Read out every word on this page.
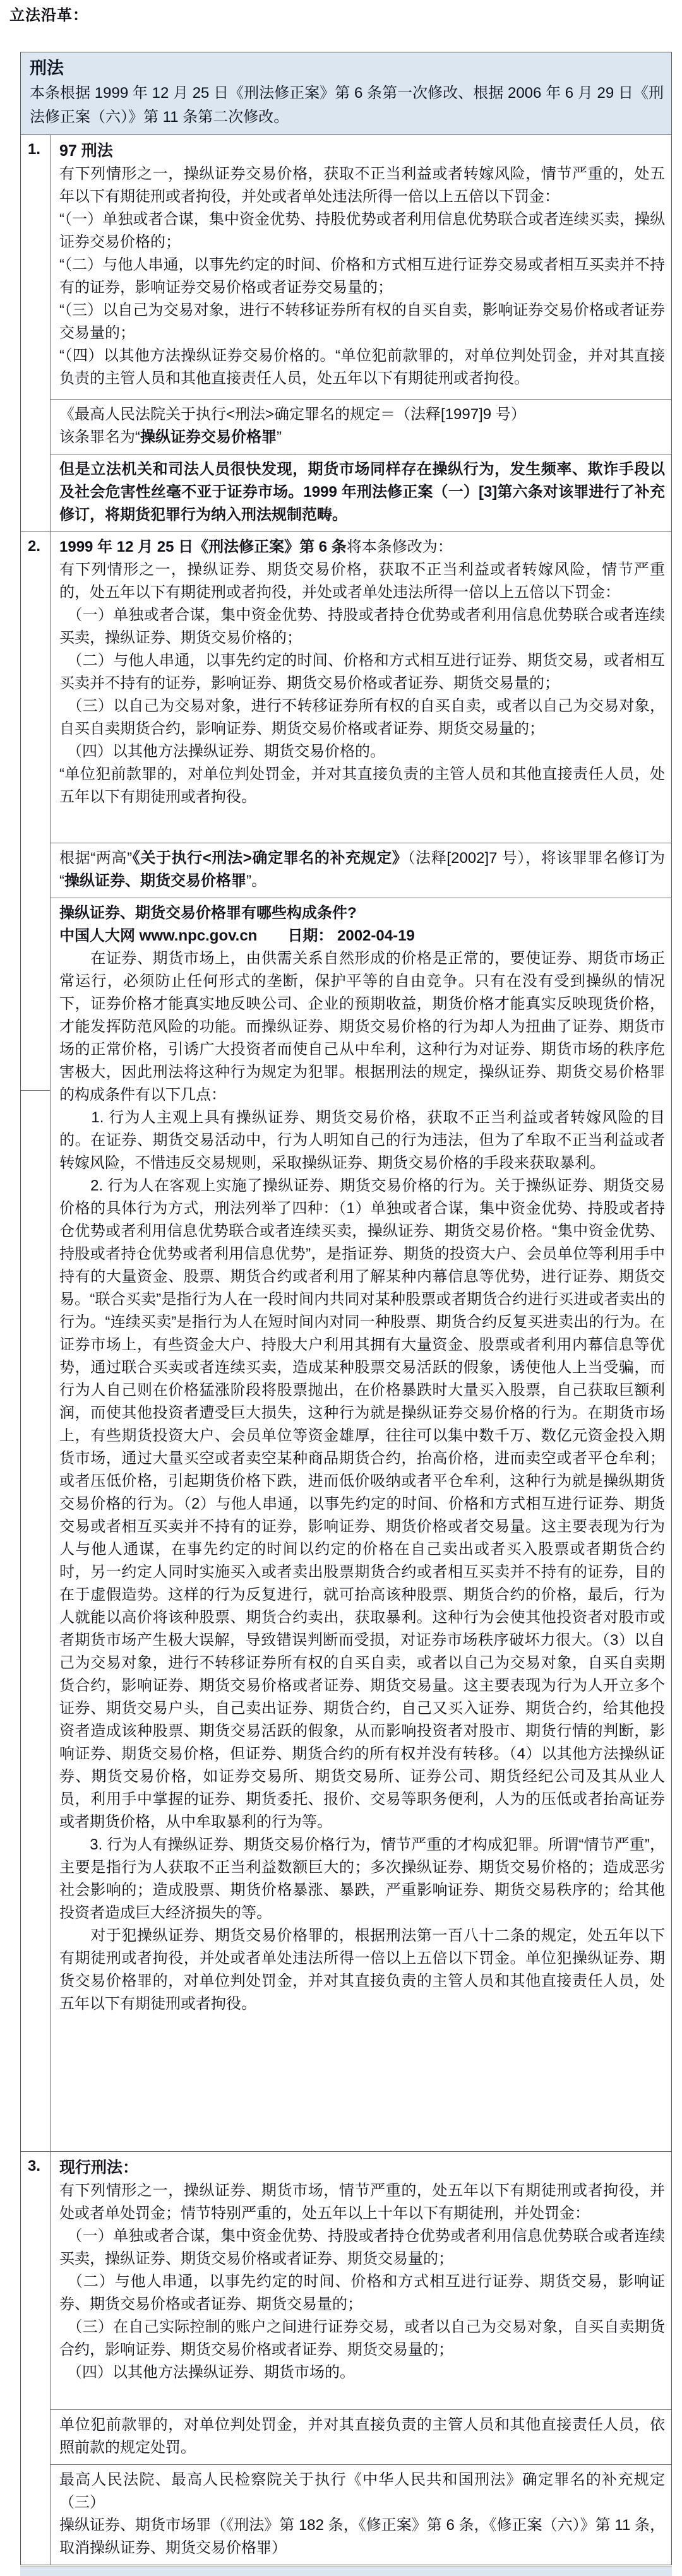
立法沿革：
刑法
本条根据 1999 年 12 月 25 日《刑法修正案》第 6 条第一次修改、根据 2006 年 6 月 29 日《刑法修正案（六）》第 11 条第二次修改。
1.	97 刑法
有下列情形之一，操纵证券交易价格，获取不正当利益或者转嫁风险，情节严重的，处五年以下有期徒刑或者拘役，并处或者单处违法所得一倍以上五倍以下罚金：
“（一）单独或者合谋，集中资金优势、持股优势或者利用信息优势联合或者连续买卖，操纵证券交易价格的；
“（二）与他人串通，以事先约定的时间、价格和方式相互进行证券交易或者相互买卖并不持有的证券，影响证券交易价格或者证券交易量的；
“（三）以自己为交易对象，进行不转移证券所有权的自买自卖，影响证券交易价格或者证券交易量的；
“（四）以其他方法操纵证券交易价格的。“单位犯前款罪的，对单位判处罚金，并对其直接负责的主管人员和其他直接责任人员，处五年以下有期徒刑或者拘役。
《最高人民法院关于执行<刑法>确定罪名的规定＝（法释[1997]9 号）
该条罪名为“操纵证券交易价格罪”
但是立法机关和司法人员很快发现，期货市场同样存在操纵行为，发生频率、欺诈手段以及社会危害性丝毫不亚于证券市场。1999 年刑法修正案（一）[3]第六条对该罪进行了补充修订，将期货犯罪行为纳入刑法规制范畴。
2.	1999 年 12 月 25 日《刑法修正案》第 6 条将本条修改为：
有下列情形之一，操纵证券、期货交易价格，获取不正当利益或者转嫁风险，情节严重的，处五年以下有期徒刑或者拘役，并处或者单处违法所得一倍以上五倍以下罚金：
　（一）单独或者合谋，集中资金优势、持股或者持仓优势或者利用信息优势联合或者连续买卖，操纵证券、期货交易价格的；
　（二）与他人串通，以事先约定的时间、价格和方式相互进行证券、期货交易，或者相互买卖并不持有的证券，影响证券、期货交易价格或者证券、期货交易量的；
　（三）以自己为交易对象，进行不转移证券所有权的自买自卖，或者以自己为交易对象，自买自卖期货合约，影响证券、期货交易价格或者证券、期货交易量的；
　（四）以其他方法操纵证券、期货交易价格的。
“单位犯前款罪的，对单位判处罚金，并对其直接负责的主管人员和其他直接责任人员，处五年以下有期徒刑或者拘役。
根据“两高”《关于执行<刑法>确定罪名的补充规定》（法释[2002]7 号），将该罪罪名修订为“操纵证券、期货交易价格罪”。
操纵证券、期货交易价格罪有哪些构成条件?
中国人大网 www.npc.gov.cn　　日期： 2002-04-19
　　在证券、期货市场上，由供需关系自然形成的价格是正常的，要使证券、期货市场正常运行，必须防止任何形式的垄断，保护平等的自由竞争。只有在没有受到操纵的情况下，证券价格才能真实地反映公司、企业的预期收益，期货价格才能真实反映现货价格，才能发挥防范风险的功能。而操纵证券、期货交易价格的行为却人为扭曲了证券、期货市场的正常价格，引诱广大投资者而使自己从中牟利，这种行为对证券、期货市场的秩序危害极大，因此刑法将这种行为规定为犯罪。根据刑法的规定，操纵证券、期货交易价格罪的构成条件有以下几点：
　　1. 行为人主观上具有操纵证券、期货交易价格，获取不正当利益或者转嫁风险的目的。在证券、期货交易活动中，行为人明知自己的行为违法，但为了牟取不正当利益或者转嫁风险，不惜违反交易规则，采取操纵证券、期货交易价格的手段来获取暴利。
　　2. 行为人在客观上实施了操纵证券、期货交易价格的行为。关于操纵证券、期货交易价格的具体行为方式，刑法列举了四种：（1）单独或者合谋，集中资金优势、持股或者持仓优势或者利用信息优势联合或者连续买卖，操纵证券、期货交易价格。“集中资金优势、持股或者持仓优势或者利用信息优势”，是指证券、期货的投资大户、会员单位等利用手中持有的大量资金、股票、期货合约或者利用了解某种内幕信息等优势，进行证券、期货交易。“联合买卖”是指行为人在一段时间内共同对某种股票或者期货合约进行买进或者卖出的行为。“连续买卖”是指行为人在短时间内对同一种股票、期货合约反复买进卖出的行为。在证券市场上，有些资金大户、持股大户利用其拥有大量资金、股票或者利用内幕信息等优势，通过联合买卖或者连续买卖，造成某种股票交易活跃的假象，诱使他人上当受骗，而行为人自己则在价格猛涨阶段将股票抛出，在价格暴跌时大量买入股票，自己获取巨额利润，而使其他投资者遭受巨大损失，这种行为就是操纵证券交易价格的行为。在期货市场上，有些期货投资大户、会员单位等资金雄厚，往往可以集中数千万、数亿元资金投入期货市场，通过大量买空或者卖空某种商品期货合约，抬高价格，进而卖空或者平仓牟利；或者压低价格，引起期货价格下跌，进而低价吸纳或者平仓牟利，这种行为就是操纵期货交易价格的行为。（2）与他人串通，以事先约定的时间、价格和方式相互进行证券、期货交易或者相互买卖并不持有的证券，影响证券、期货价格或者交易量。这主要表现为行为人与他人通谋，在事先约定的时间以约定的价格在自己卖出或者买入股票或者期货合约时，另一约定人同时实施买入或者卖出股票期货合约或者相互买卖并不持有的证券，目的在于虚假造势。这样的行为反复进行，就可抬高该种股票、期货合约的价格，最后，行为人就能以高价将该种股票、期货合约卖出，获取暴利。这种行为会使其他投资者对股市或者期货市场产生极大误解，导致错误判断而受损，对证券市场秩序破坏力很大。（3）以自己为交易对象，进行不转移证券所有权的自买自卖，或者以自己为交易对象，自买自卖期货合约，影响证券、期货交易价格或者证券、期货交易量。这主要表现为行为人开立多个证券、期货交易户头，自己卖出证券、期货合约，自己又买入证券、期货合约，给其他投资者造成该种股票、期货交易活跃的假象，从而影响投资者对股市、期货行情的判断，影响证券、期货交易价格，但证券、期货合约的所有权并没有转移。（4）以其他方法操纵证券、期货交易价格，如证券交易所、期货交易所、证券公司、期货经纪公司及其从业人员，利用手中掌握的证券、期货委托、报价、交易等职务便利，人为的压低或者抬高证券或者期货价格，从中牟取暴利的行为等。
　　3. 行为人有操纵证券、期货交易价格行为，情节严重的才构成犯罪。所谓“情节严重”，主要是指行为人获取不正当利益数额巨大的；多次操纵证券、期货交易价格的；造成恶劣社会影响的；造成股票、期货价格暴涨、暴跌，严重影响证券、期货交易秩序的；给其他投资者造成巨大经济损失的等。
　　对于犯操纵证券、期货交易价格罪的，根据刑法第一百八十二条的规定，处五年以下有期徒刑或者拘役，并处或者单处违法所得一倍以上五倍以下罚金。单位犯操纵证券、期货交易价格罪的，对单位判处罚金，并对其直接负责的主管人员和其他直接责任人员，处五年以下有期徒刑或者拘役。
3.	现行刑法：
有下列情形之一，操纵证券、期货市场，情节严重的，处五年以下有期徒刑或者拘役，并处或者单处罚金；情节特别严重的，处五年以上十年以下有期徒刑，并处罚金：
　（一）单独或者合谋，集中资金优势、持股或者持仓优势或者利用信息优势联合或者连续买卖，操纵证券、期货交易价格或者证券、期货交易量的；
　（二）与他人串通，以事先约定的时间、价格和方式相互进行证券、期货交易，影响证券、期货交易价格或者证券、期货交易量的；
　（三）在自己实际控制的账户之间进行证券交易，或者以自己为交易对象，自买自卖期货合约，影响证券、期货交易价格或者证券、期货交易量的；
　（四）以其他方法操纵证券、期货市场的。
单位犯前款罪的，对单位判处罚金，并对其直接负责的主管人员和其他直接责任人员，依照前款的规定处罚。
最高人民法院、最高人民检察院关于执行《中华人民共和国刑法》确定罪名的补充规定（三）
操纵证券、期货市场罪（《刑法》第 182 条，《修正案》第 6 条，《修正案（六）》第 11 条，取消操纵证券、期货交易价格罪）
